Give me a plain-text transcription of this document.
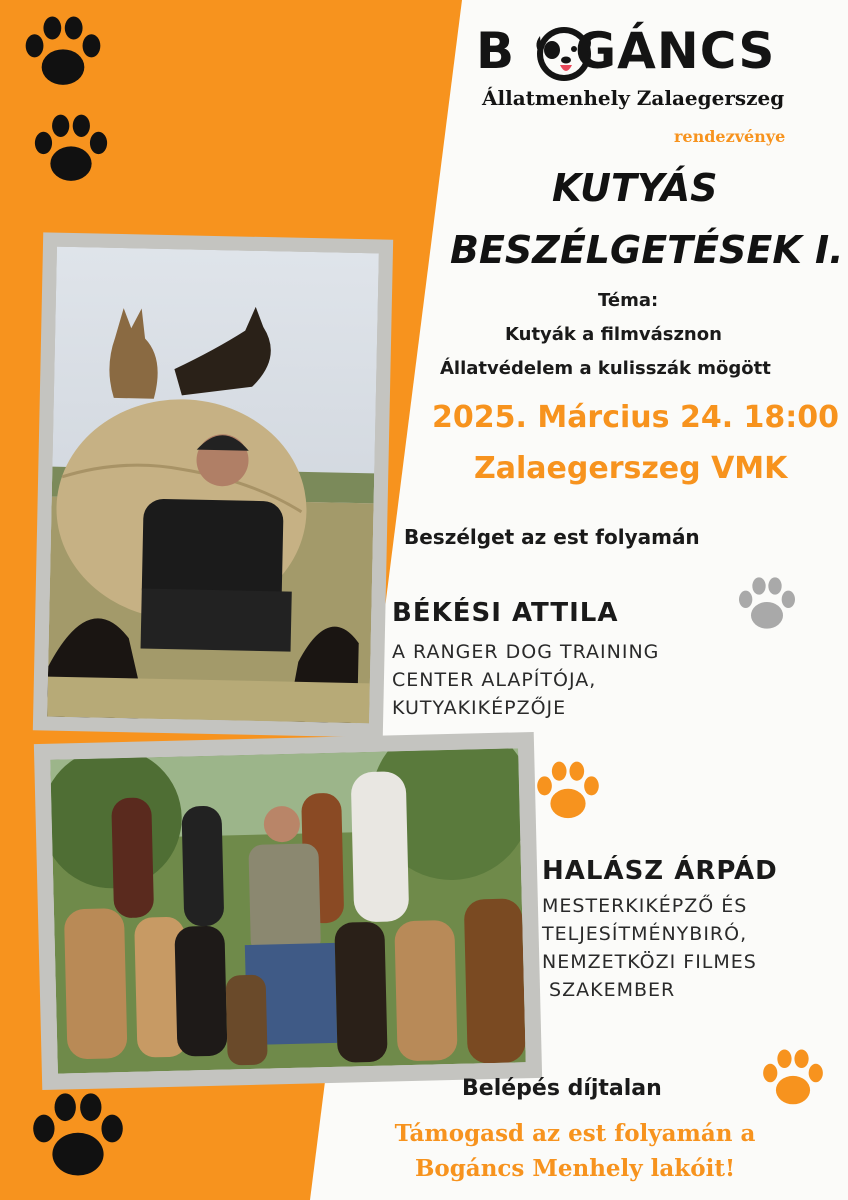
B GÁNCS
Állatmenhely Zalaegerszeg
rendezvénye
KUTYÁS
BESZÉLGETÉSEK I.
Téma:
Kutyák a filmvásznon
Állatvédelem a kulisszák mögött
2025. Március 24. 18:00
Zalaegerszeg VMK
Beszélget az est folyamán
BÉKÉSI ATTILA
A RANGER DOG TRAINING
CENTER ALAPÍTÓJA,
KUTYAKIKÉPZŐJE
HALÁSZ ÁRPÁD
MESTERKIKÉPZŐ ÉS
TELJESÍTMÉNYBIRÓ,
NEMZETKÖZI FILMES
SZAKEMBER
Belépés díjtalan
Támogasd az est folyamán a
Bogáncs Menhely lakóit!
